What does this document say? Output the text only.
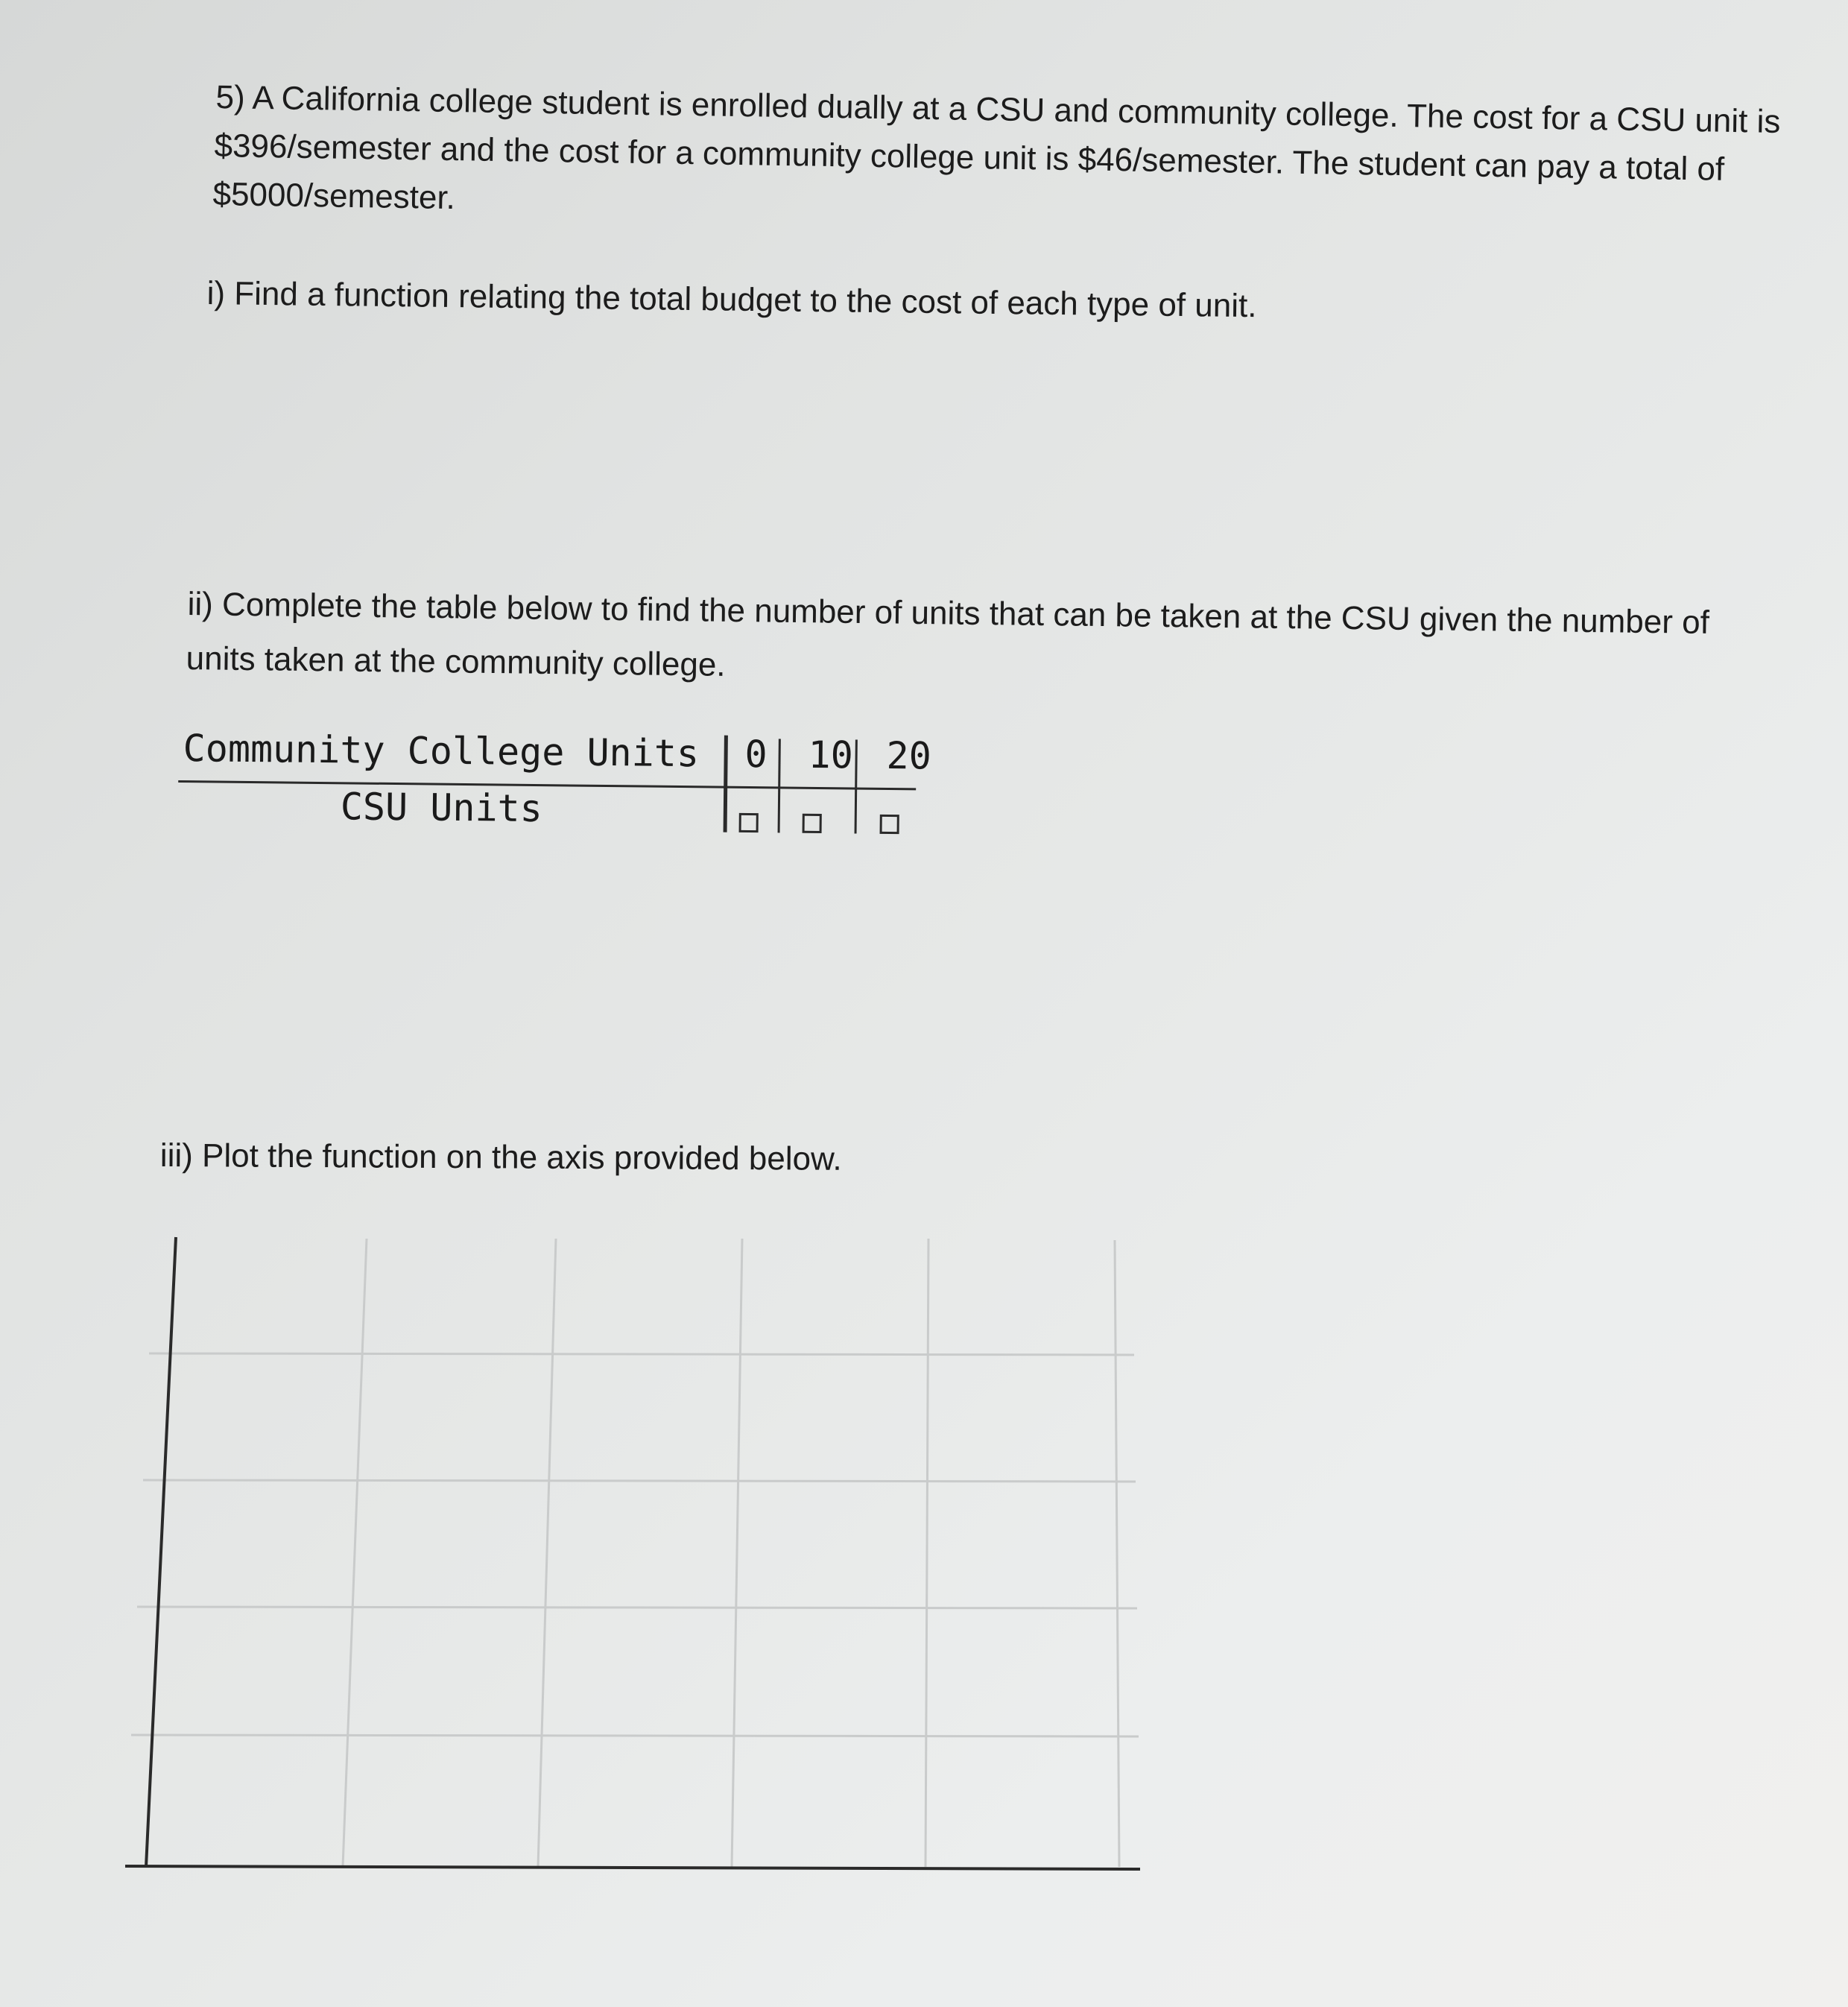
5) A California college student is enrolled dually at a CSU and community college. The cost for a CSU unit is
$396/semester and the cost for a community college unit is $46/semester. The student can pay a total of
$5000/semester.
i) Find a function relating the total budget to the cost of each type of unit.
ii) Complete the table below to find the number of units that can be taken at the CSU given the number of
units taken at the community college.
Community College Units 0	10 20
CSU Units
iii) Plot the function on the axis provided below.
